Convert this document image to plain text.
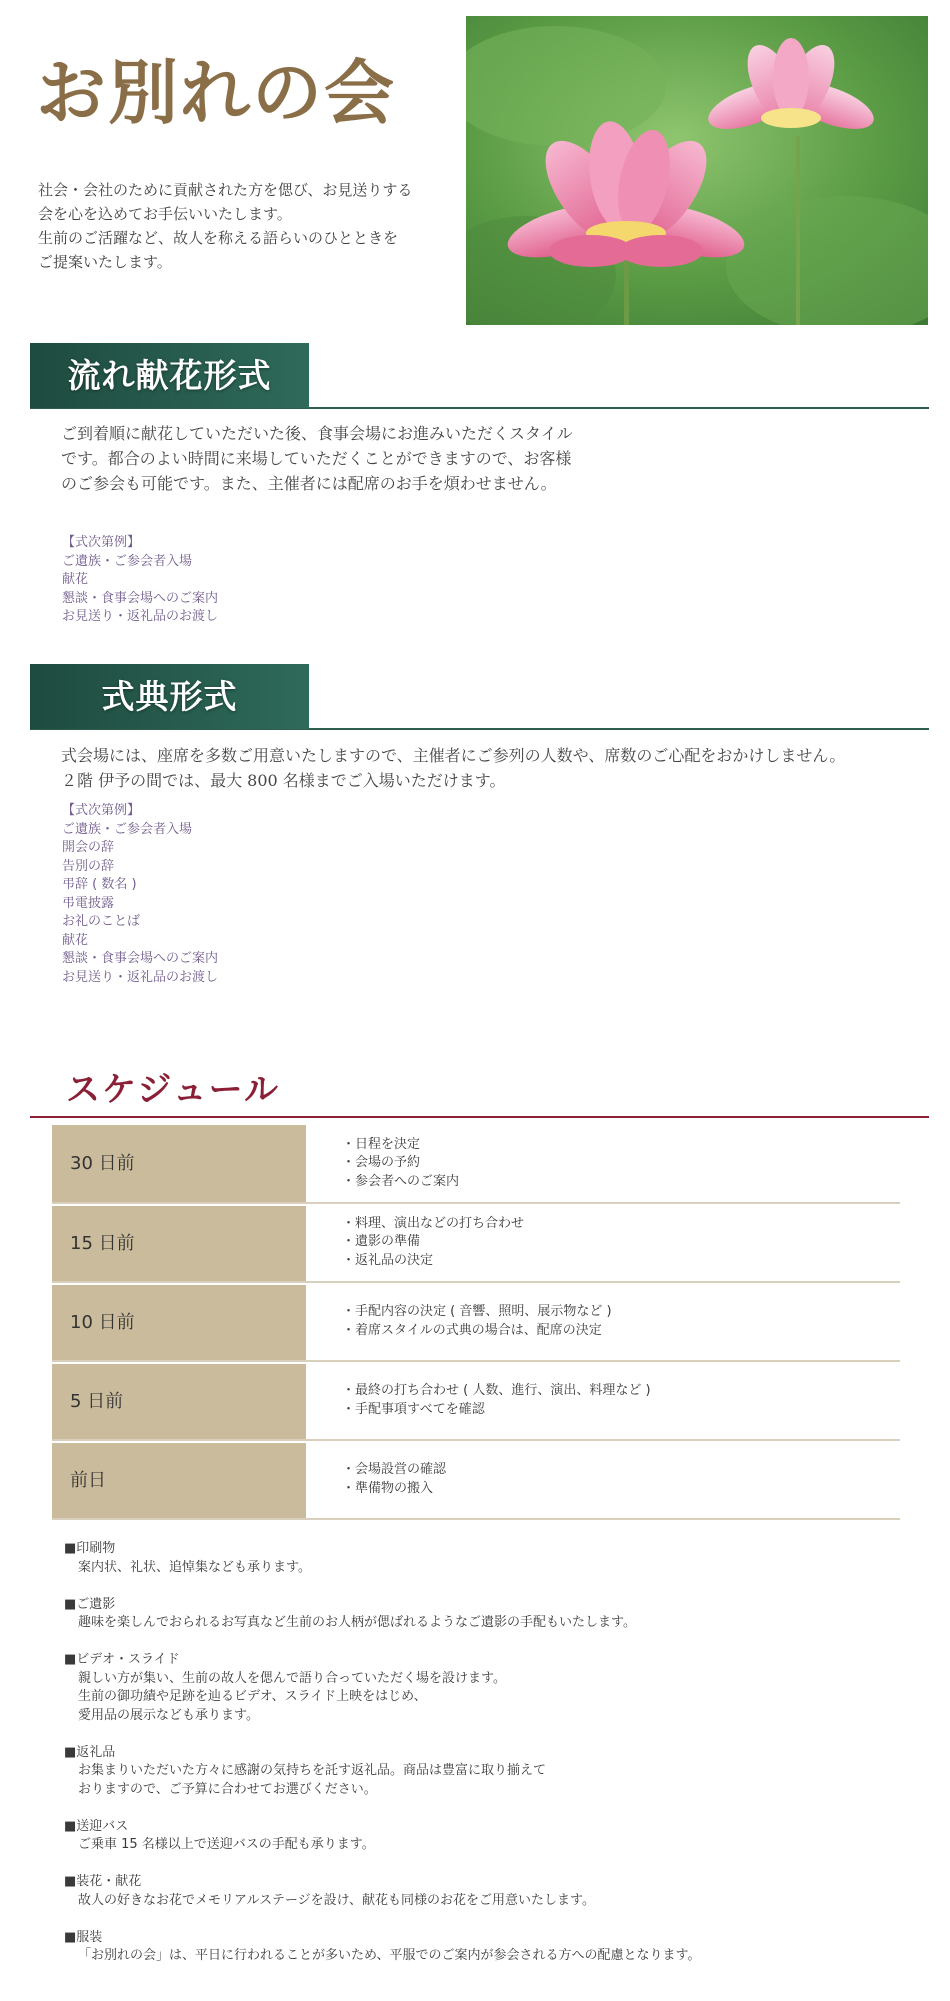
お別れの会

社会・会社のために貢献された方を偲び、お見送りする

会を心を込めてお手伝いいたします。

生前のご活躍など、故人を称える語らいのひとときを

ご提案いたします。

流れ献花形式

ご到着順に献花していただいた後、食事会場にお進みいただくスタイル

です。都合のよい時間に来場していただくことができますので、お客様

のご参会も可能です。また、主催者には配席のお手を煩わせません。

【式次第例】
ご遺族・ご参会者入場
献花
懇談・食事会場へのご案内
お見送り・返礼品のお渡し
式典形式

式会場には、座席を多数ご用意いたしますので、主催者にご参列の人数や、席数のご心配をおかけしません。

２階 伊予の間では、最大 800 名様までご入場いただけます。

【式次第例】
ご遺族・ご参会者入場
開会の辞
告別の辞
弔辞 ( 数名 )
弔電披露
お礼のことば
献花
懇談・食事会場へのご案内
お見送り・返礼品のお渡し
スケジュール
30 日前
・日程を決定
・会場の予約
・参会者へのご案内
15 日前
・料理、演出などの打ち合わせ
・遺影の準備
・返礼品の決定
10 日前
・手配内容の決定 ( 音響、照明、展示物など )
・着席スタイルの式典の場合は、配席の決定
5 日前
・最終の打ち合わせ ( 人数、進行、演出、料理など )
・手配事項すべてを確認
前日
・会場設営の確認
・準備物の搬入
■印刷物
案内状、礼状、追悼集なども承ります。
■ご遺影
趣味を楽しんでおられるお写真など生前のお人柄が偲ばれるようなご遺影の手配もいたします。
■ビデオ・スライド
親しい方が集い、生前の故人を偲んで語り合っていただく場を設けます。
生前の御功績や足跡を辿るビデオ、スライド上映をはじめ、
愛用品の展示なども承ります。
■返礼品
お集まりいただいた方々に感謝の気持ちを託す返礼品。商品は豊富に取り揃えて
おりますので、ご予算に合わせてお選びください。
■送迎バス
ご乗車 15 名様以上で送迎バスの手配も承ります。
■装花・献花
故人の好きなお花でメモリアルステージを設け、献花も同様のお花をご用意いたします。
■服装
「お別れの会」は、平日に行われることが多いため、平服でのご案内が参会される方への配慮となります。
